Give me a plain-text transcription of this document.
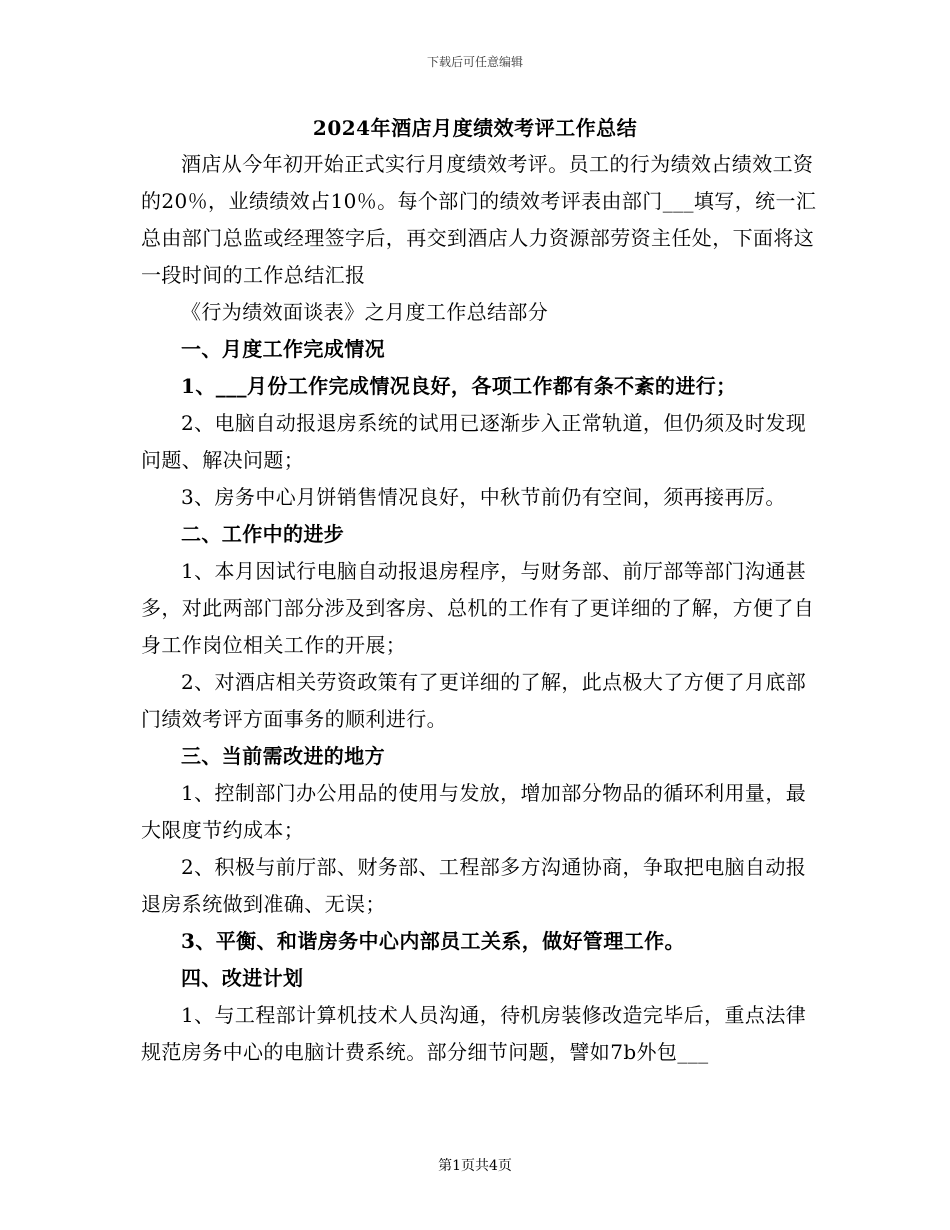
下载后可任意编辑
2024年酒店月度绩效考评工作总结

酒店从今年初开始正式实行月度绩效考评。员工的行为绩效占绩效工资的20％，业绩绩效占10％。每个部门的绩效考评表由部门___填写，统一汇总由部门总监或经理签字后，再交到酒店人力资源部劳资主任处，下面将这一段时间的工作总结汇报

《行为绩效面谈表》之月度工作总结部分

一、月度工作完成情况

1、___月份工作完成情况良好，各项工作都有条不紊的进行；

2、电脑自动报退房系统的试用已逐渐步入正常轨道，但仍须及时发现问题、解决问题；

3、房务中心月饼销售情况良好，中秋节前仍有空间，须再接再厉。

二、工作中的进步

1、本月因试行电脑自动报退房程序，与财务部、前厅部等部门沟通甚多，对此两部门部分涉及到客房、总机的工作有了更详细的了解，方便了自身工作岗位相关工作的开展；

2、对酒店相关劳资政策有了更详细的了解，此点极大了方便了月底部门绩效考评方面事务的顺利进行。

三、当前需改进的地方

1、控制部门办公用品的使用与发放，增加部分物品的循环利用量，最大限度节约成本；

2、积极与前厅部、财务部、工程部多方沟通协商，争取把电脑自动报退房系统做到准确、无误；

3、平衡、和谐房务中心内部员工关系，做好管理工作。

四、改进计划

1、与工程部计算机技术人员沟通，待机房装修改造完毕后，重点法律规范房务中心的电脑计费系统。部分细节问题，譬如7b外包___

第1页共4页
